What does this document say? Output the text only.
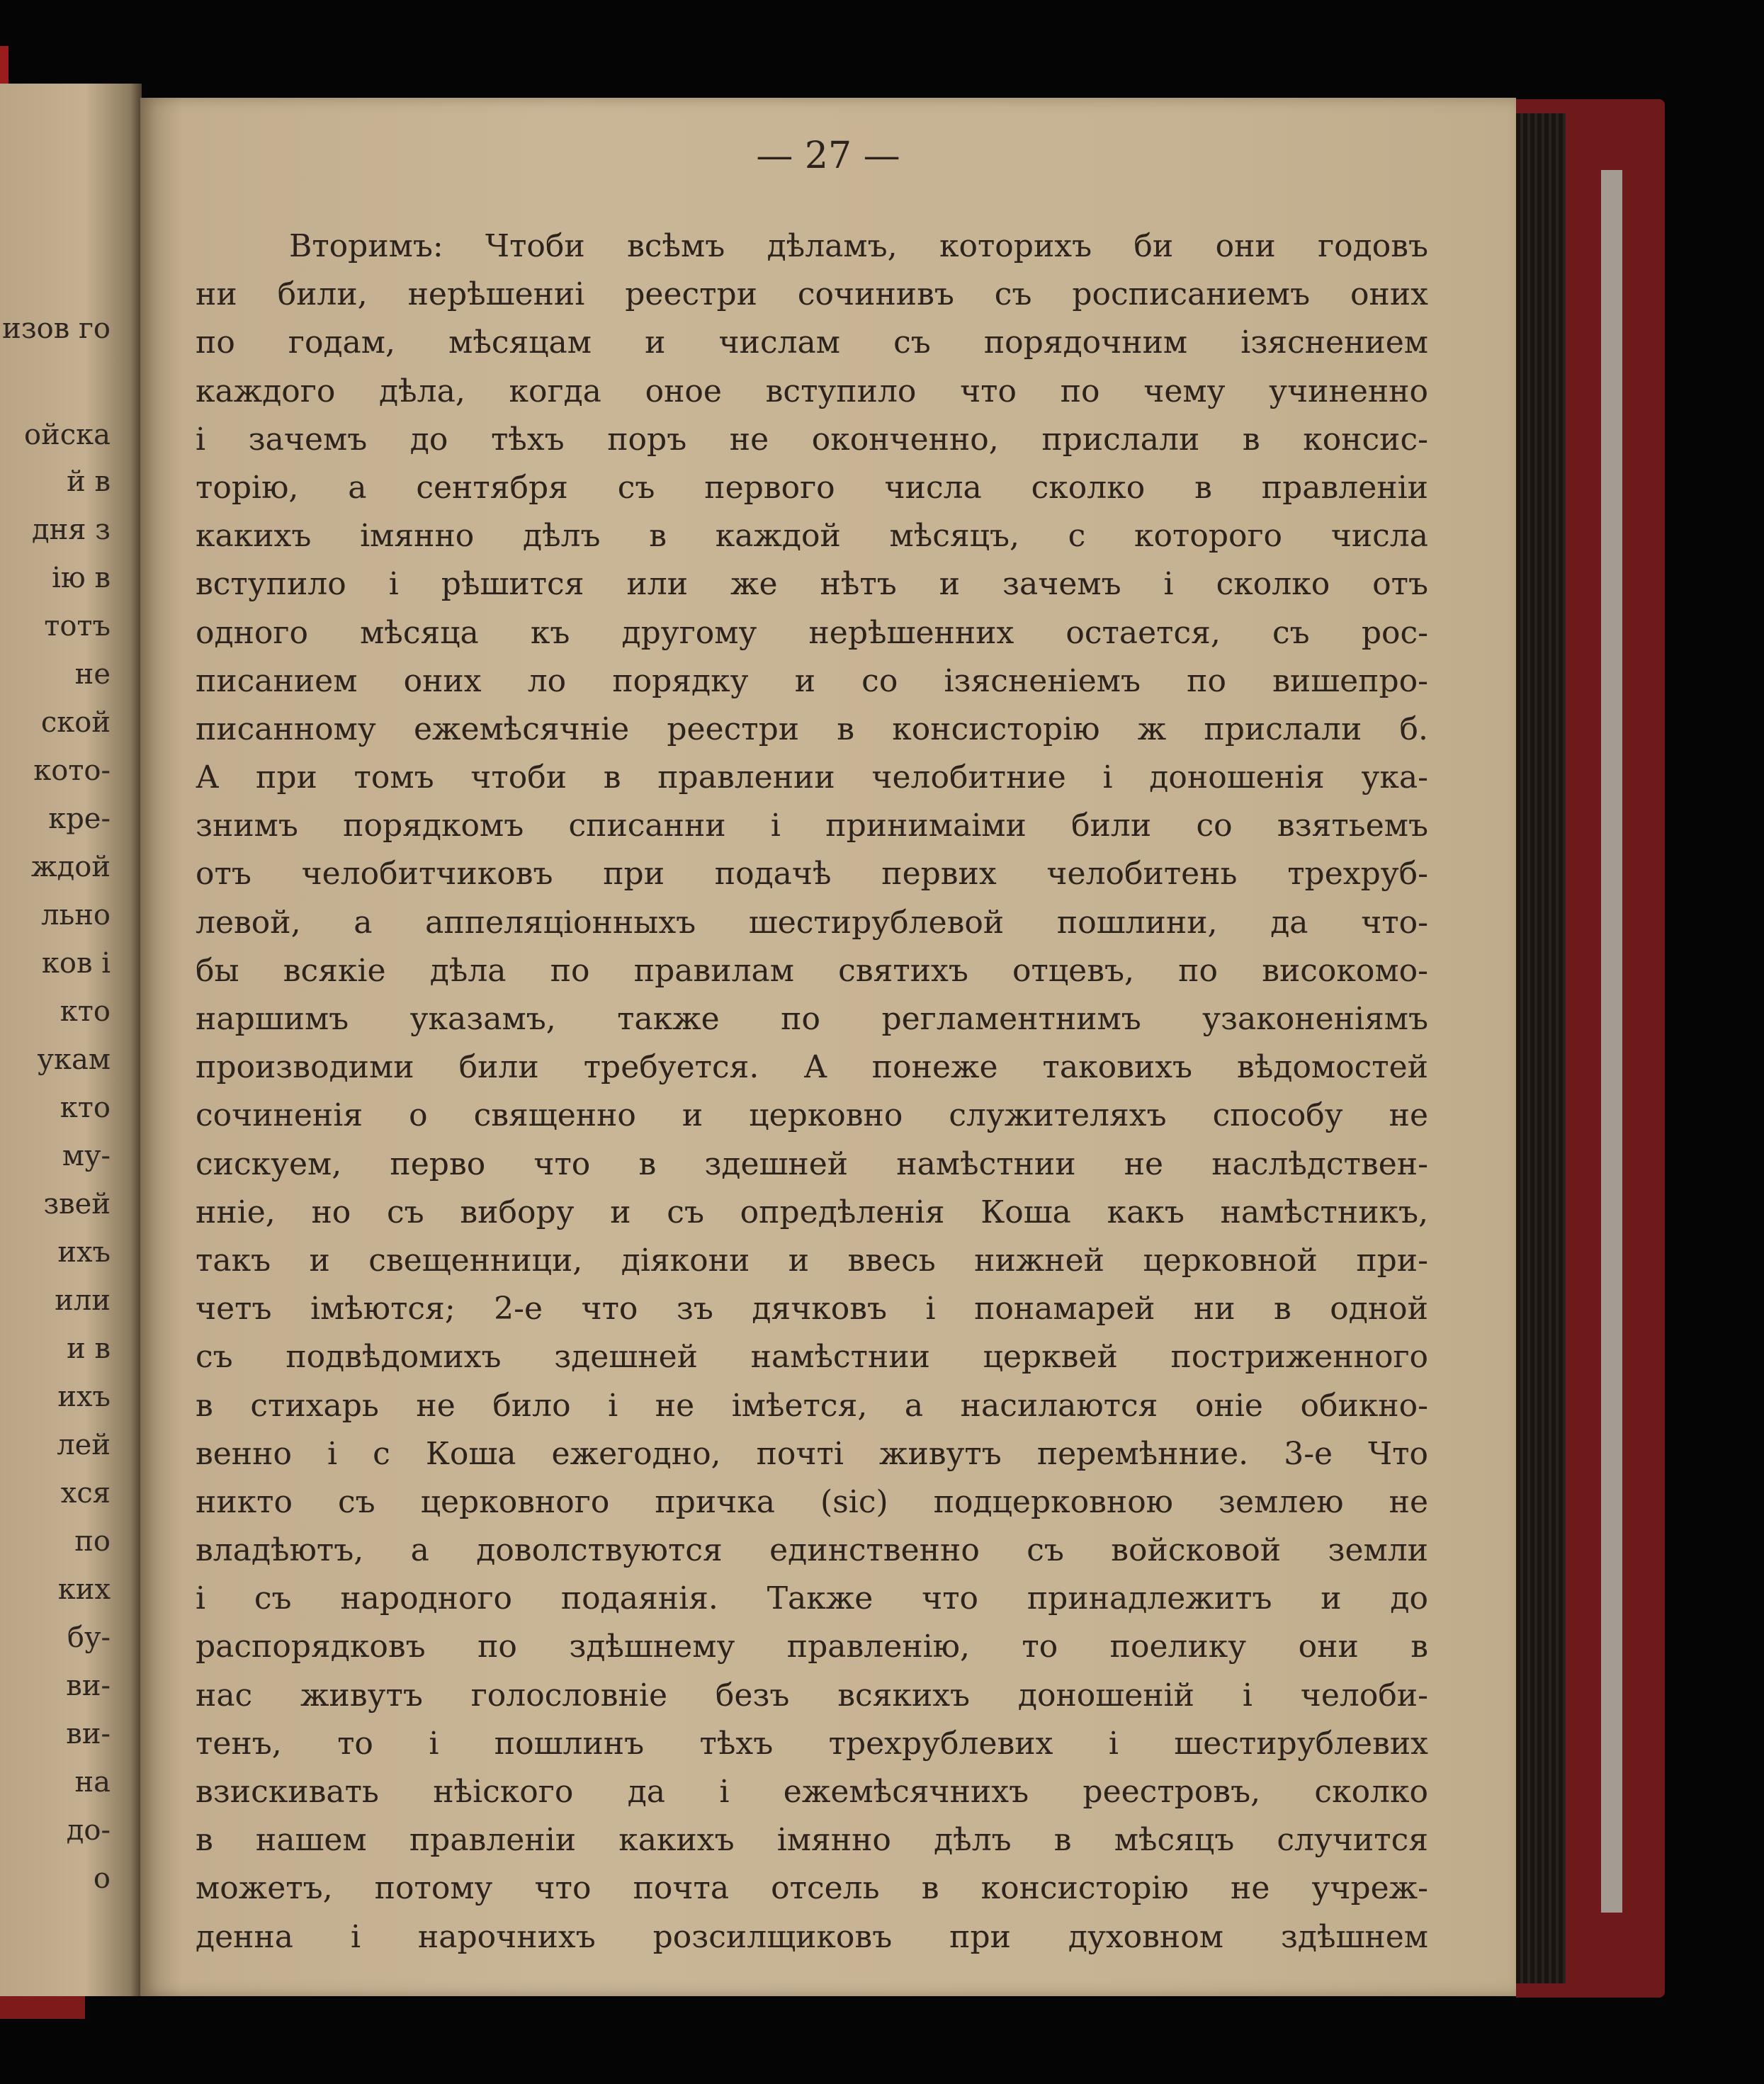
изов го
ойска
й в
дня з
ію в
тотъ
не
ской
кото-
кре-
ждой
льно
ков і
кто
укам
кто
му-
звей
ихъ
или
и в
ихъ
лей
хся
по
ких
бу-
ви-
ви-
на
до-
о
— 27 —
Вторимъ: Чтоби всѣмъ дѣламъ, которихъ би они годовъ
ни били, нерѣшениі реестри сочинивъ съ росписаниемъ оних
по годам, мѣсяцам и числам съ порядочним ізяснением
каждого дѣла, когда оное вступило что по чему учиненно
і зачемъ до тѣхъ поръ не оконченно, прислали в консис-
торію, а сентября съ первого числа сколко в правленіи
какихъ імянно дѣлъ в каждой мѣсяцъ, с которого числа
вступило і рѣшится или же нѣтъ и зачемъ і сколко отъ
одного мѣсяца къ другому нерѣшенних остается, съ рос-
писанием оних ло порядку и со ізясненіемъ по вишепро-
писанному ежемѣсячніе реестри в консисторію ж прислали б.
А при томъ чтоби в правлении челобитние і доношенія ука-
знимъ порядкомъ списанни і принимаіми били со взятьемъ
отъ челобитчиковъ при подачѣ первих челобитень трехруб-
левой, а аппеляціонныхъ шестирублевой пошлини, да что-
бы всякіе дѣла по правилам святихъ отцевъ, по високомо-
наршимъ указамъ, также по регламентнимъ узаконеніямъ
производими били требуется. А понеже таковихъ вѣдомостей
сочиненія о священно и церковно служителяхъ способу не
сискуем, перво что в здешней намѣстнии не наслѣдствен-
нніе, но съ вибору и съ опредѣленія Коша какъ намѣстникъ,
такъ и свещенници, діякони и ввесь нижней церковной при-
четъ імѣются; 2-е что зъ дячковъ і понамарей ни в одной
съ подвѣдомихъ здешней намѣстнии церквей постриженного
в стихарь не било і не імѣется, а насилаются оніе обикно-
венно і с Коша ежегодно, почті живутъ перемѣнние. 3-е Что
никто съ церковного причка (sic) подцерковною землею не
владѣютъ, а доволствуются единственно съ войсковой земли
і съ народного подаянія. Также что принадлежитъ и до
распорядковъ по здѣшнему правленію, то поелику они в
нас живутъ голословніе безъ всякихъ доношеній і челоби-
тенъ, то і пошлинъ тѣхъ трехрублевих і шестирублевих
взискивать нѣіского да і ежемѣсячнихъ реестровъ, сколко
в нашем правленіи какихъ імянно дѣлъ в мѣсяцъ случится
можетъ, потому что почта отсель в консисторію не учреж-
денна і нарочнихъ розсилщиковъ при духовном здѣшнем
